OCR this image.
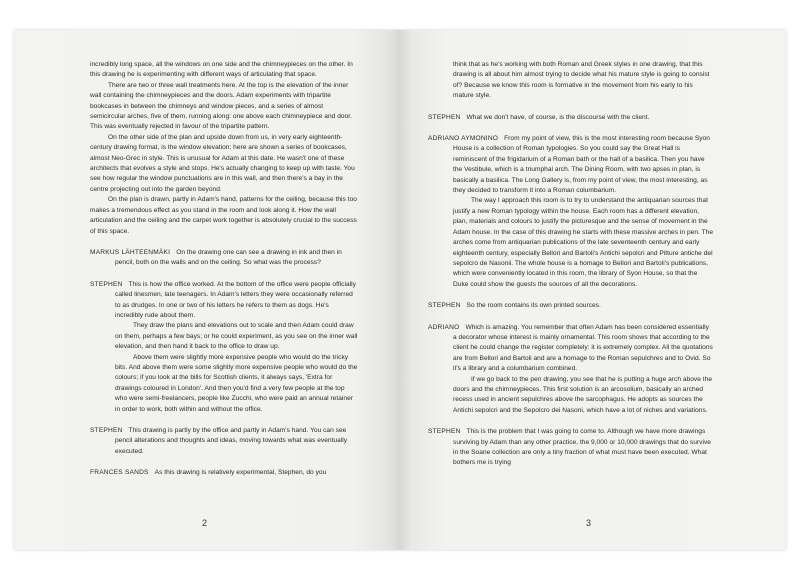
incredibly long space, all the windows on one side and the chimneypieces on the other. In this drawing he is experimenting with different ways of articulating that space.

There are two or three wall treatments here. At the top is the elevation of the inner wall containing the chimneypieces and the doors. Adam experiments with tripartite bookcases in between the chimneys and window pieces, and a series of almost semicircular arches, five of them, running along: one above each chimneypiece and door. This was eventually rejected in favour of the tripartite pattern.

On the other side of the plan and upside down from us, in very early eighteenth-century drawing format, is the window elevation; here are shown a series of bookcases, almost Neo-Grec in style. This is unusual for Adam at this date. He wasn't one of these architects that evolves a style and stops. He's actually changing to keep up with taste. You see how regular the window punctuations are in this wall, and then there's a bay in the centre projecting out into the garden beyond.

On the plan is drawn, partly in Adam's hand, patterns for the ceiling, because this too makes a tremendous effect as you stand in the room and look along it. How the wall articulation and the ceiling and the carpet work together is absolutely crucial to the success of this space.

MARKUS LÄHTEENMÄKI On the drawing one can see a drawing in ink and then in pencil, both on the walls and on the ceiling. So what was the process?

STEPHEN This is how the office worked. At the bottom of the office were people officially called linesmen, late teenagers. In Adam's letters they were occasionally referred to as drudges. In one or two of his letters he refers to them as dogs. He's incredibly rude about them.

They draw the plans and elevations out to scale and then Adam could draw on them, perhaps a few bays; or he could experiment, as you see on the inner wall elevation, and then hand it back to the office to draw up.

Above them were slightly more expensive people who would do the tricky bits. And above them were some slightly more expensive people who would do the colours; if you look at the bills for Scottish clients, it always says, 'Extra for drawings coloured in London'. And then you'd find a very few people at the top who were semi-freelancers, people like Zucchi, who were paid an annual retainer in order to work, both within and without the office.

STEPHEN This drawing is partly by the office and partly in Adam's hand. You can see pencil alterations and thoughts and ideas, moving towards what was eventually executed.

FRANCES SANDS As this drawing is relatively experimental, Stephen, do you

2

think that as he's working with both Roman and Greek styles in one drawing, that this drawing is all about him almost trying to decide what his mature style is going to consist of? Because we know this room is formative in the movement from his early to his mature style.

STEPHEN What we don't have, of course, is the discourse with the client.

ADRIANO AYMONINO From my point of view, this is the most interesting room because Syon House is a collection of Roman typologies. So you could say the Great Hall is reminiscent of the frigidarium of a Roman bath or the hall of a basilica. Then you have the Vestibule, which is a triumphal arch. The Dining Room, with two apses in plan, is basically a basilica. The Long Gallery is, from my point of view, the most interesting, as they decided to transform it into a Roman columbarium.

The way I approach this room is to try to understand the antiquarian sources that justify a new Roman typology within the house. Each room has a different elevation, plan, materials and colours to justify the picturesque and the sense of movement in the Adam house. In the case of this drawing he starts with these massive arches in pen. The arches come from antiquarian publications of the late seventeenth century and early eighteenth century, especially Bellori and Bartoli's Antichi sepolcri and Pitture antiche del sepolcro de Nasonii. The whole house is a homage to Bellori and Bartoli's publications, which were conveniently located in this room, the library of Syon House, so that the Duke could show the guests the sources of all the decorations.

STEPHEN So the room contains its own printed sources.

ADRIANO Which is amazing. You remember that often Adam has been considered essentially a decorator whose interest is mainly ornamental. This room shows that according to the client he could change the register completely: it is extremely complex. All the quotations are from Bellori and Bartoli and are a homage to the Roman sepulchres and to Ovid. So it's a library and a columbarium combined.

If we go back to the pen drawing, you see that he is putting a huge arch above the doors and the chimneypieces. This first solution is an arcosolium, basically an arched recess used in ancient sepulchres above the sarcophagus. He adopts as sources the Antichi sepolcri and the Sepolcro dei Nasoni, which have a lot of niches and variations.

STEPHEN This is the problem that I was going to come to. Although we have more drawings surviving by Adam than any other practice, the 9,000 or 10,000 drawings that do survive in the Soane collection are only a tiny fraction of what must have been executed. What bothers me is trying

3
